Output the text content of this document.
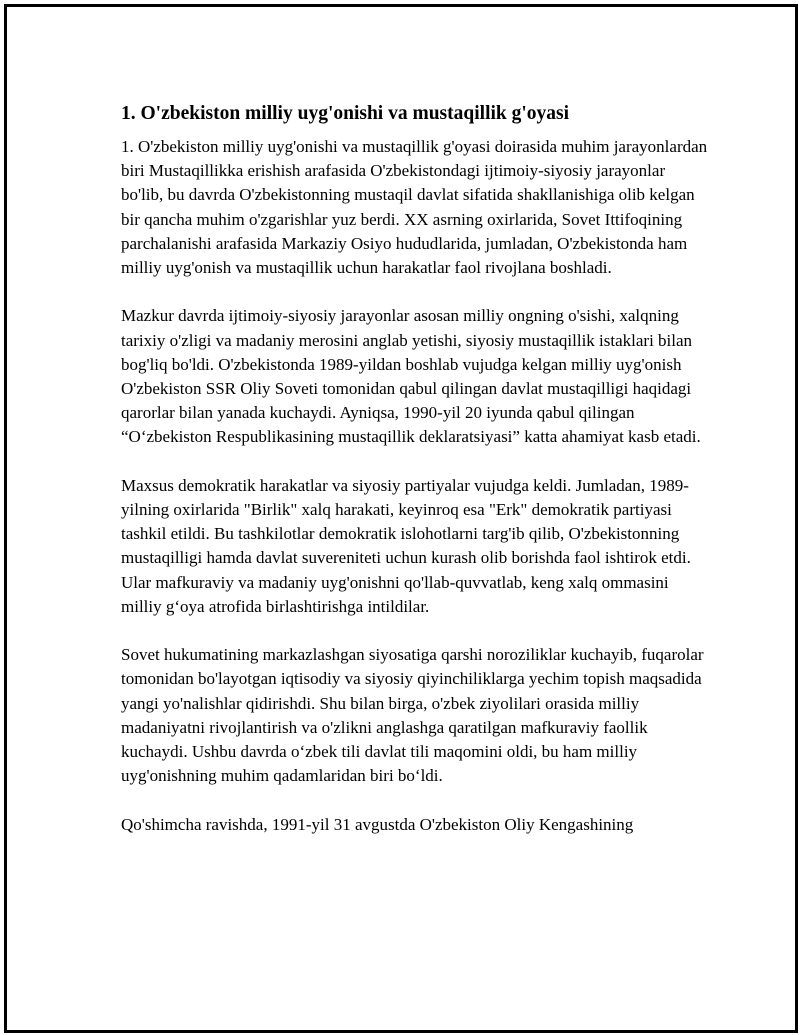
1. O'zbekiston milliy uyg'onishi va mustaqillik g'oyasi

1. O'zbekiston milliy uyg'onishi va mustaqillik g'oyasi doirasida muhim jarayonlardan biri Mustaqillikka erishish arafasida O'zbekistondagi ijtimoiy-siyosiy jarayonlar bo'lib, bu davrda O'zbekistonning mustaqil davlat sifatida shakllanishiga olib kelgan bir qancha muhim o'zgarishlar yuz berdi. XX asrning oxirlarida, Sovet Ittifoqining parchalanishi arafasida Markaziy Osiyo hududlarida, jumladan, O'zbekistonda ham milliy uyg'onish va mustaqillik uchun harakatlar faol rivojlana boshladi.

Mazkur davrda ijtimoiy-siyosiy jarayonlar asosan milliy ongning o'sishi, xalqning tarixiy o'zligi va madaniy merosini anglab yetishi, siyosiy mustaqillik istaklari bilan bog'liq bo'ldi. O'zbekistonda 1989-yildan boshlab vujudga kelgan milliy uyg'onish O'zbekiston SSR Oliy Soveti tomonidan qabul qilingan davlat mustaqilligi haqidagi qarorlar bilan yanada kuchaydi. Ayniqsa, 1990-yil 20 iyunda qabul qilingan “O‘zbekiston Respublikasining mustaqillik deklaratsiyasi” katta ahamiyat kasb etadi.

Maxsus demokratik harakatlar va siyosiy partiyalar vujudga keldi. Jumladan, 1989-yilning oxirlarida "Birlik" xalq harakati, keyinroq esa "Erk" demokratik partiyasi tashkil etildi. Bu tashkilotlar demokratik islohotlarni targ'ib qilib, O'zbekistonning mustaqilligi hamda davlat suvereniteti uchun kurash olib borishda faol ishtirok etdi. Ular mafkuraviy va madaniy uyg'onishni qo'llab-quvvatlab, keng xalq ommasini milliy g‘oya atrofida birlashtirishga intildilar.

Sovet hukumatining markazlashgan siyosatiga qarshi noroziliklar kuchayib, fuqarolar tomonidan bo'layotgan iqtisodiy va siyosiy qiyinchiliklarga yechim topish maqsadida yangi yo'nalishlar qidirishdi. Shu bilan birga, o'zbek ziyolilari orasida milliy madaniyatni rivojlantirish va o'zlikni anglashga qaratilgan mafkuraviy faollik kuchaydi. Ushbu davrda o‘zbek tili davlat tili maqomini oldi, bu ham milliy uyg'onishning muhim qadamlaridan biri bo‘ldi.

Qo'shimcha ravishda, 1991-yil 31 avgustda O'zbekiston Oliy Kengashining
